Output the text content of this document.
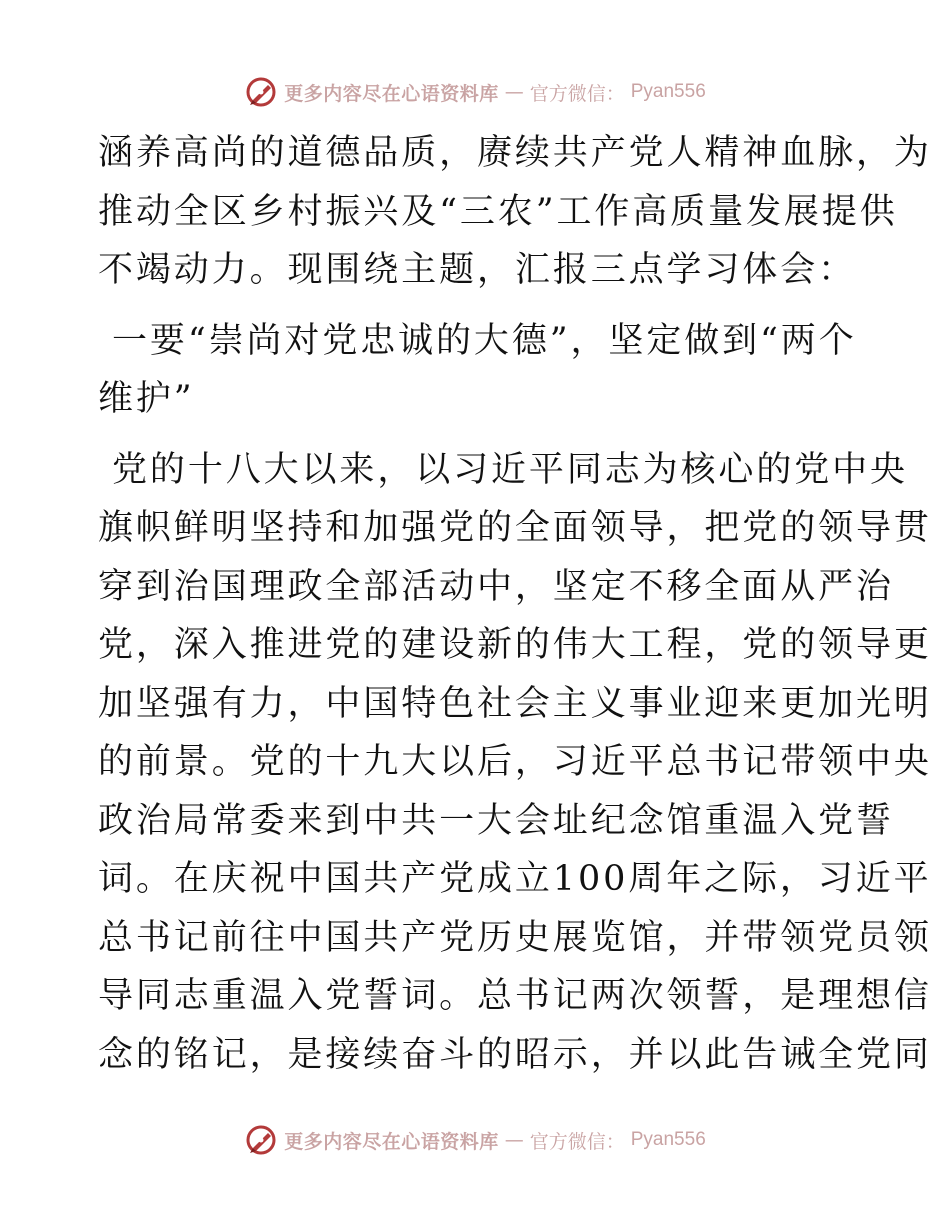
更多内容尽在心语资料库 — 官方微信： Pyan556

涵养高尚的道德品质，赓续共产党人精神血脉，为
推动全区乡村振兴及“三农”工作高质量发展提供
不竭动力。现围绕主题，汇报三点学习体会：

一要“崇尚对党忠诚的大德”，坚定做到“两个
维护”

党的十八大以来，以习近平同志为核心的党中央
旗帜鲜明坚持和加强党的全面领导，把党的领导贯
穿到治国理政全部活动中，坚定不移全面从严治
党，深入推进党的建设新的伟大工程，党的领导更
加坚强有力，中国特色社会主义事业迎来更加光明
的前景。党的十九大以后，习近平总书记带领中央
政治局常委来到中共一大会址纪念馆重温入党誓
词。在庆祝中国共产党成立100周年之际，习近平
总书记前往中国共产党历史展览馆，并带领党员领
导同志重温入党誓词。总书记两次领誓，是理想信
念的铭记，是接续奋斗的昭示，并以此告诫全党同

更多内容尽在心语资料库 — 官方微信： Pyan556
